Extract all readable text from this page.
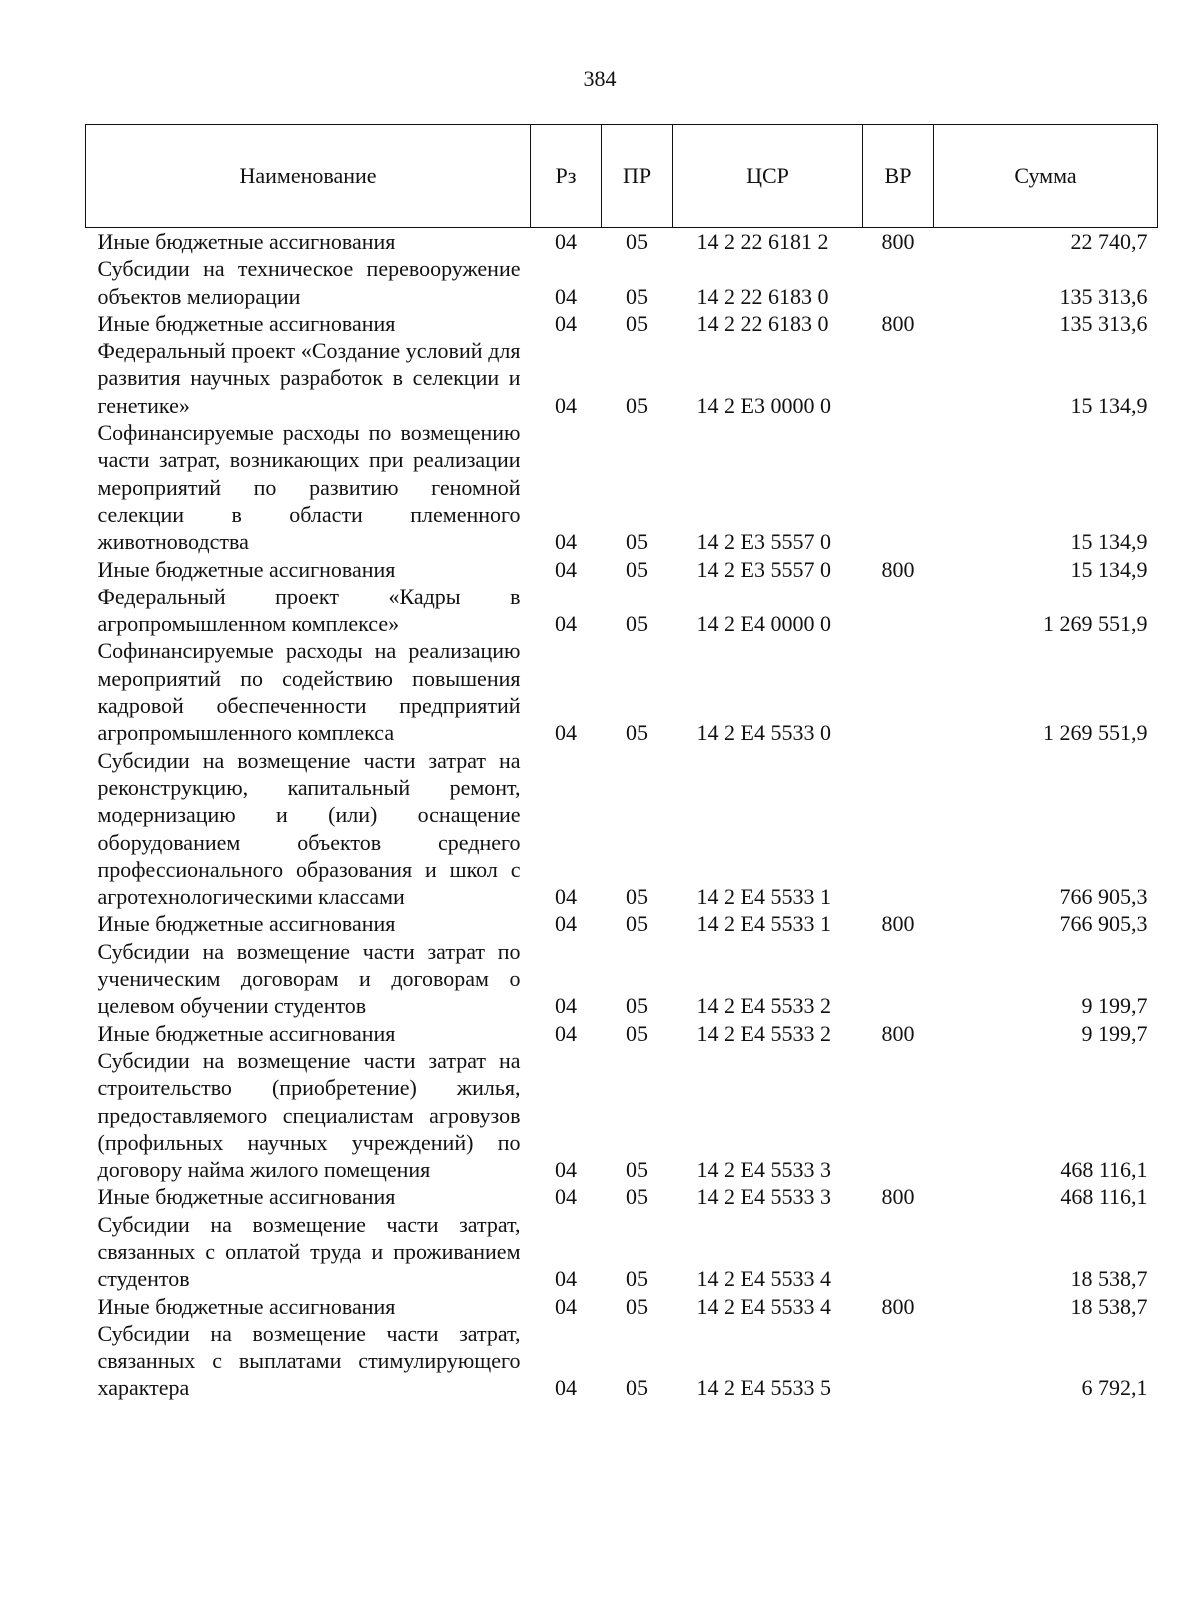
384
Наименование	Рз	ПР	ЦСР	ВР	Сумма
Иные бюджетные ассигнования	04	05	14 2 22 6181 2	800	22 740,7
Субсидии на техническое перевооружение объектов мелиорации	04	05	14 2 22 6183 0		135 313,6
Иные бюджетные ассигнования	04	05	14 2 22 6183 0	800	135 313,6
Федеральный проект «Создание условий для развития научных разработок в селекции и генетике»	04	05	14 2 E3 0000 0		15 134,9
Софинансируемые расходы по возмещению части затрат, возникающих при реализации мероприятий по развитию геномной селекции в области племенного животноводства	04	05	14 2 E3 5557 0		15 134,9
Иные бюджетные ассигнования	04	05	14 2 E3 5557 0	800	15 134,9
Федеральный проект «Кадры в агропромышленном комплексе»	04	05	14 2 E4 0000 0		1 269 551,9
Софинансируемые расходы на реализацию мероприятий по содействию повышения кадровой обеспеченности предприятий агропромышленного комплекса	04	05	14 2 E4 5533 0		1 269 551,9
Субсидии на возмещение части затрат на реконструкцию, капитальный ремонт, модернизацию и (или) оснащение оборудованием объектов среднего профессионального образования и школ с агротехнологическими классами	04	05	14 2 E4 5533 1		766 905,3
Иные бюджетные ассигнования	04	05	14 2 E4 5533 1	800	766 905,3
Субсидии на возмещение части затрат по ученическим договорам и договорам о целевом обучении студентов	04	05	14 2 E4 5533 2		9 199,7
Иные бюджетные ассигнования	04	05	14 2 E4 5533 2	800	9 199,7
Субсидии на возмещение части затрат на строительство (приобретение) жилья, предоставляемого специалистам агровузов (профильных научных учреждений) по договору найма жилого помещения	04	05	14 2 E4 5533 3		468 116,1
Иные бюджетные ассигнования	04	05	14 2 E4 5533 3	800	468 116,1
Субсидии на возмещение части затрат, связанных с оплатой труда и проживанием студентов	04	05	14 2 E4 5533 4		18 538,7
Иные бюджетные ассигнования	04	05	14 2 E4 5533 4	800	18 538,7
Субсидии на возмещение части затрат, связанных с выплатами стимулирующего характера	04	05	14 2 E4 5533 5		6 792,1
